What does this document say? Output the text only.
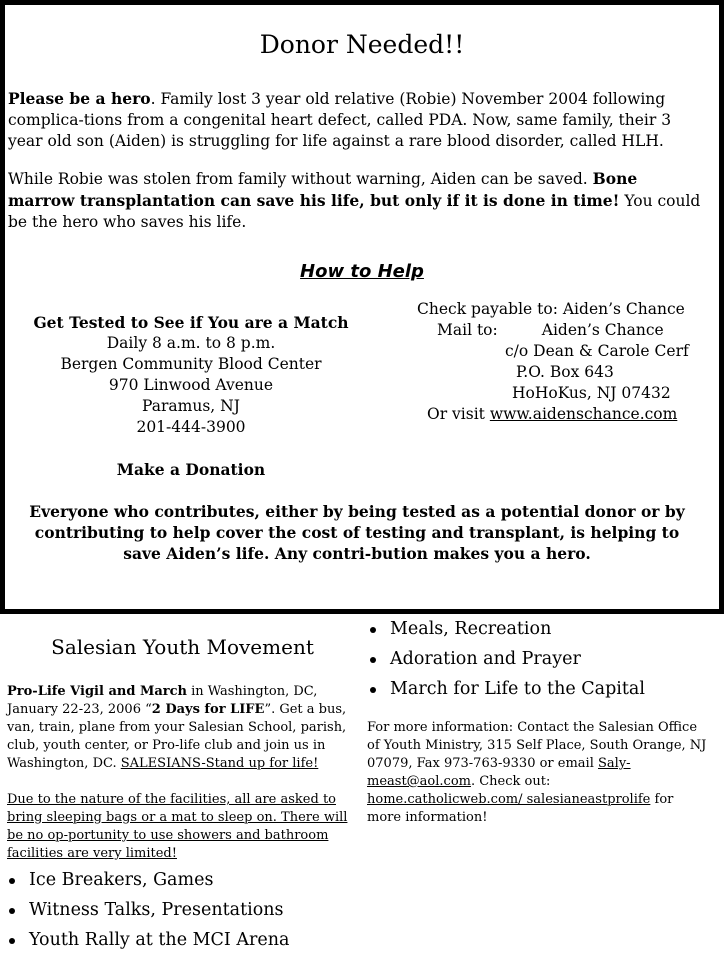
Donor Needed!!
Please be a hero. Family lost 3 year old relative (Robie) November 2004 following complica-tions from a congenital heart defect, called PDA. Now, same family, their 3 year old son (Aiden) is struggling for life against a rare blood disorder, called HLH.
While Robie was stolen from family without warning, Aiden can be saved. Bone marrow transplantation can save his life, but only if it is done in time! You could be the hero who saves his life.
How to Help
Get Tested to See if You are a Match
Daily 8 a.m. to 8 p.m.
Bergen Community Blood Center
970 Linwood Avenue
Paramus, NJ
201-444-3900
Make a Donation
Check payable to: Aiden’s Chance
Mail to:	Aiden’s Chance
c/o Dean & Carole Cerf
P.O. Box 643
HoHoKus, NJ 07432
Or visit www.aidenschance.com
Everyone who contributes, either by being tested as a potential donor or by contributing to help cover the cost of testing and transplant, is helping to save Aiden’s life. Any contri-bution makes you a hero.
Salesian Youth Movement
Pro-Life Vigil and March in Washington, DC, January 22-23, 2006 “2 Days for LIFE”. Get a bus, van, train, plane from your Salesian School, parish, club, youth center, or Pro-life club and join us in Washington, DC. SALESIANS-Stand up for life!
Due to the nature of the facilities, all are asked to bring sleeping bags or a mat to sleep on. There will be no op-portunity to use showers and bathroom facilities are very limited!
Ice Breakers, Games
Witness Talks, Presentations
Youth Rally at the MCI Arena
Meals, Recreation
Adoration and Prayer
March for Life to the Capital
For more information: Contact the Salesian Office of Youth Ministry, 315 Self Place, South Orange, NJ 07079, Fax 973-763-9330 or email Saly-meast@aol.com. Check out: home.catholicweb.com/ salesianeastprolife for more information!
